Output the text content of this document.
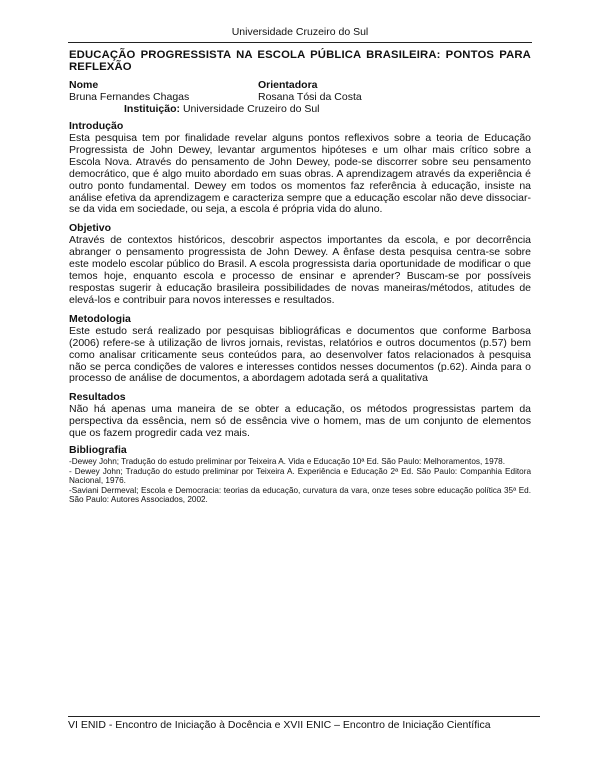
Universidade Cruzeiro do Sul
EDUCAÇÃO PROGRESSISTA NA ESCOLA PÚBLICA BRASILEIRA: PONTOS PARA REFLEXÃO
Nome	Orientadora
Bruna Fernandes Chagas	Rosana Tósi da Costa
Instituição: Universidade Cruzeiro do Sul
Introdução

Esta pesquisa tem por finalidade revelar alguns pontos reflexivos sobre a teoria de Educação Progressista de John Dewey, levantar argumentos hipóteses e um olhar mais crítico sobre a Escola Nova. Através do pensamento de John Dewey, pode-se discorrer sobre seu pensamento democrático, que é algo muito abordado em suas obras. A aprendizagem através da experiência é outro ponto fundamental. Dewey em todos os momentos faz referência à educação, insiste na análise efetiva da aprendizagem e caracteriza sempre que a educação escolar não deve dissociar-se da vida em sociedade, ou seja, a escola é própria vida do aluno.

Objetivo

Através de contextos históricos, descobrir aspectos importantes da escola, e por decorrência abranger o pensamento progressista de John Dewey. A ênfase desta pesquisa centra-se sobre este modelo escolar público do Brasil. A escola progressista daria oportunidade de modificar o que temos hoje, enquanto escola e processo de ensinar e aprender? Buscam-se por possíveis respostas sugerir à educação brasileira possibilidades de novas maneiras/métodos, atitudes de elevá-los e contribuir para novos interesses e resultados.

Metodologia

Este estudo será realizado por pesquisas bibliográficas e documentos que conforme Barbosa (2006) refere-se à utilização de livros jornais, revistas, relatórios e outros documentos (p.57) bem como analisar criticamente seus conteúdos para, ao desenvolver fatos relacionados à pesquisa não se perca condições de valores e interesses contidos nesses documentos (p.62). Ainda para o processo de análise de documentos, a abordagem adotada será a qualitativa

Resultados

Não há apenas uma maneira de se obter a educação, os métodos progressistas partem da perspectiva da essência, nem só de essência vive o homem, mas de um conjunto de elementos que os fazem progredir cada vez mais.

Bibliografia

-Dewey John; Tradução do estudo preliminar por Teixeira A. Vida e Educação 10ª Ed. São Paulo: Melhoramentos, 1978.

- Dewey John; Tradução do estudo preliminar por Teixeira A. Experiência e Educação 2ª Ed. São Paulo: Companhia Editora Nacional, 1976.

-Saviani Dermeval; Escola e Democracia: teorias da educação, curvatura da vara, onze teses sobre educação política 35ª Ed. São Paulo: Autores Associados, 2002.

VI ENID - Encontro de Iniciação à Docência e XVII ENIC – Encontro de Iniciação Científica
